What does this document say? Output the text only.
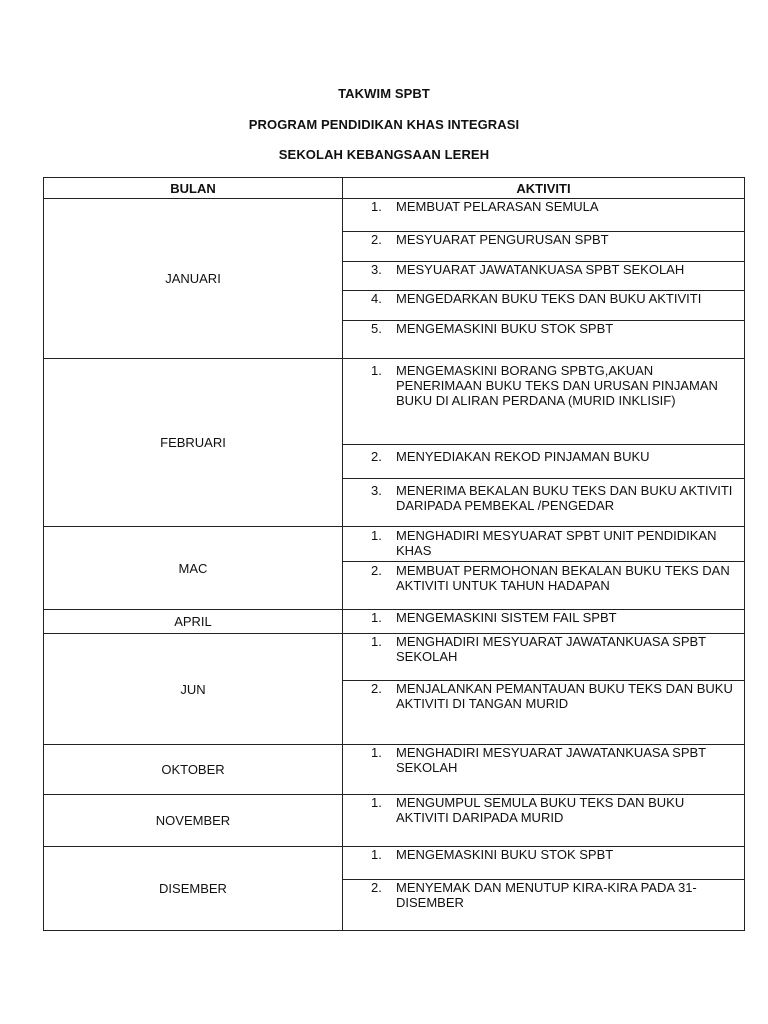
TAKWIM SPBT
PROGRAM PENDIDIKAN KHAS INTEGRASI
SEKOLAH KEBANGSAAN LEREH
BULAN	AKTIVITI
JANUARI	1. MEMBUAT PELARASAN SEMULA

	2. MESYUARAT PENGURUSAN SPBT

	3. MESYUARAT JAWATANKUASA SPBT SEKOLAH

	4. MENGEDARKAN BUKU TEKS DAN BUKU AKTIVITI

	5. MENGEMASKINI BUKU STOK SPBT

FEBRUARI	1. MENGEMASKINI BORANG SPBTG,AKUAN PENERIMAAN BUKU TEKS DAN URUSAN PINJAMAN BUKU DI ALIRAN PERDANA (MURID INKLISIF)

	2. MENYEDIAKAN REKOD PINJAMAN BUKU

	3. MENERIMA BEKALAN BUKU TEKS DAN BUKU AKTIVITI DARIPADA PEMBEKAL /PENGEDAR

MAC	1. MENGHADIRI MESYUARAT SPBT UNIT PENDIDIKAN KHAS

	2. MEMBUAT PERMOHONAN BEKALAN BUKU TEKS DAN AKTIVITI UNTUK TAHUN HADAPAN

APRIL	1. MENGEMASKINI SISTEM FAIL SPBT

JUN	1. MENGHADIRI MESYUARAT JAWATANKUASA SPBT SEKOLAH

	2. MENJALANKAN PEMANTAUAN BUKU TEKS DAN BUKU AKTIVITI DI TANGAN MURID

OKTOBER	1. MENGHADIRI MESYUARAT JAWATANKUASA SPBT SEKOLAH

NOVEMBER	1. MENGUMPUL SEMULA BUKU TEKS DAN BUKU AKTIVITI DARIPADA MURID

DISEMBER	1. MENGEMASKINI BUKU STOK SPBT

	2. MENYEMAK DAN MENUTUP KIRA-KIRA PADA 31-DISEMBER
